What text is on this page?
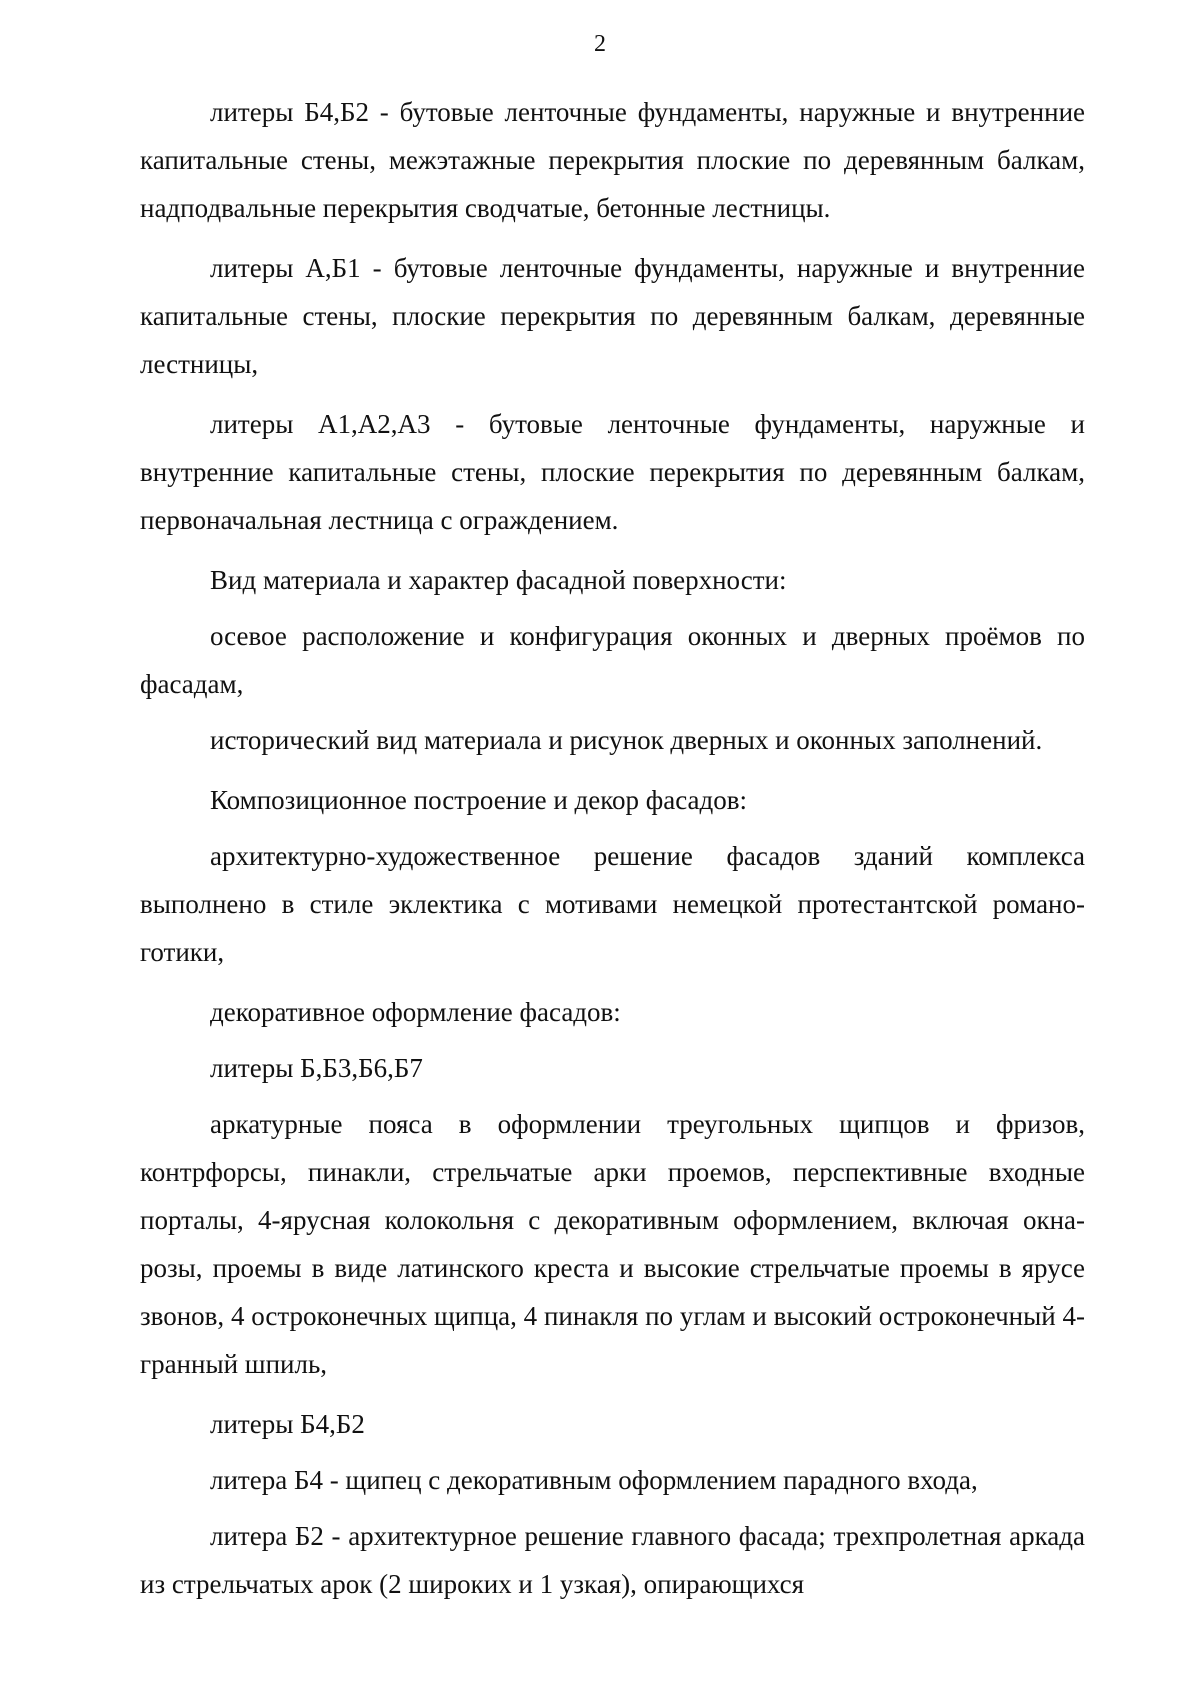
2

литеры Б4,Б2 - бутовые ленточные фундаменты, наружные и внутренние капитальные стены, межэтажные перекрытия плоские по деревянным балкам, надподвальные перекрытия сводчатые, бетонные лестницы.

литеры А,Б1 - бутовые ленточные фундаменты, наружные и внутренние капитальные стены, плоские перекрытия по деревянным балкам, деревянные лестницы,

литеры А1,А2,А3 - бутовые ленточные фундаменты, наружные и внутренние капитальные стены, плоские перекрытия по деревянным балкам, первоначальная лестница с ограждением.

Вид материала и характер фасадной поверхности:

осевое расположение и конфигурация оконных и дверных проёмов по фасадам,

исторический вид материала и рисунок дверных и оконных заполнений.

Композиционное построение и декор фасадов:

архитектурно-художественное решение фасадов зданий комплекса выполнено в стиле эклектика с мотивами немецкой протестантской романо-готики,

декоративное оформление фасадов:

литеры Б,Б3,Б6,Б7

аркатурные пояса в оформлении треугольных щипцов и фризов, контрфорсы, пинакли, стрельчатые арки проемов, перспективные входные порталы, 4-ярусная колокольня с декоративным оформлением, включая окна-розы, проемы в виде латинского креста и высокие стрельчатые проемы в ярусе звонов, 4 остроконечных щипца, 4 пинакля по углам и высокий остроконечный 4-гранный шпиль,

литеры Б4,Б2

литера Б4 - щипец с декоративным оформлением парадного входа,

литера Б2 - архитектурное решение главного фасада; трехпролетная аркада из стрельчатых арок (2 широких и 1 узкая), опирающихся
